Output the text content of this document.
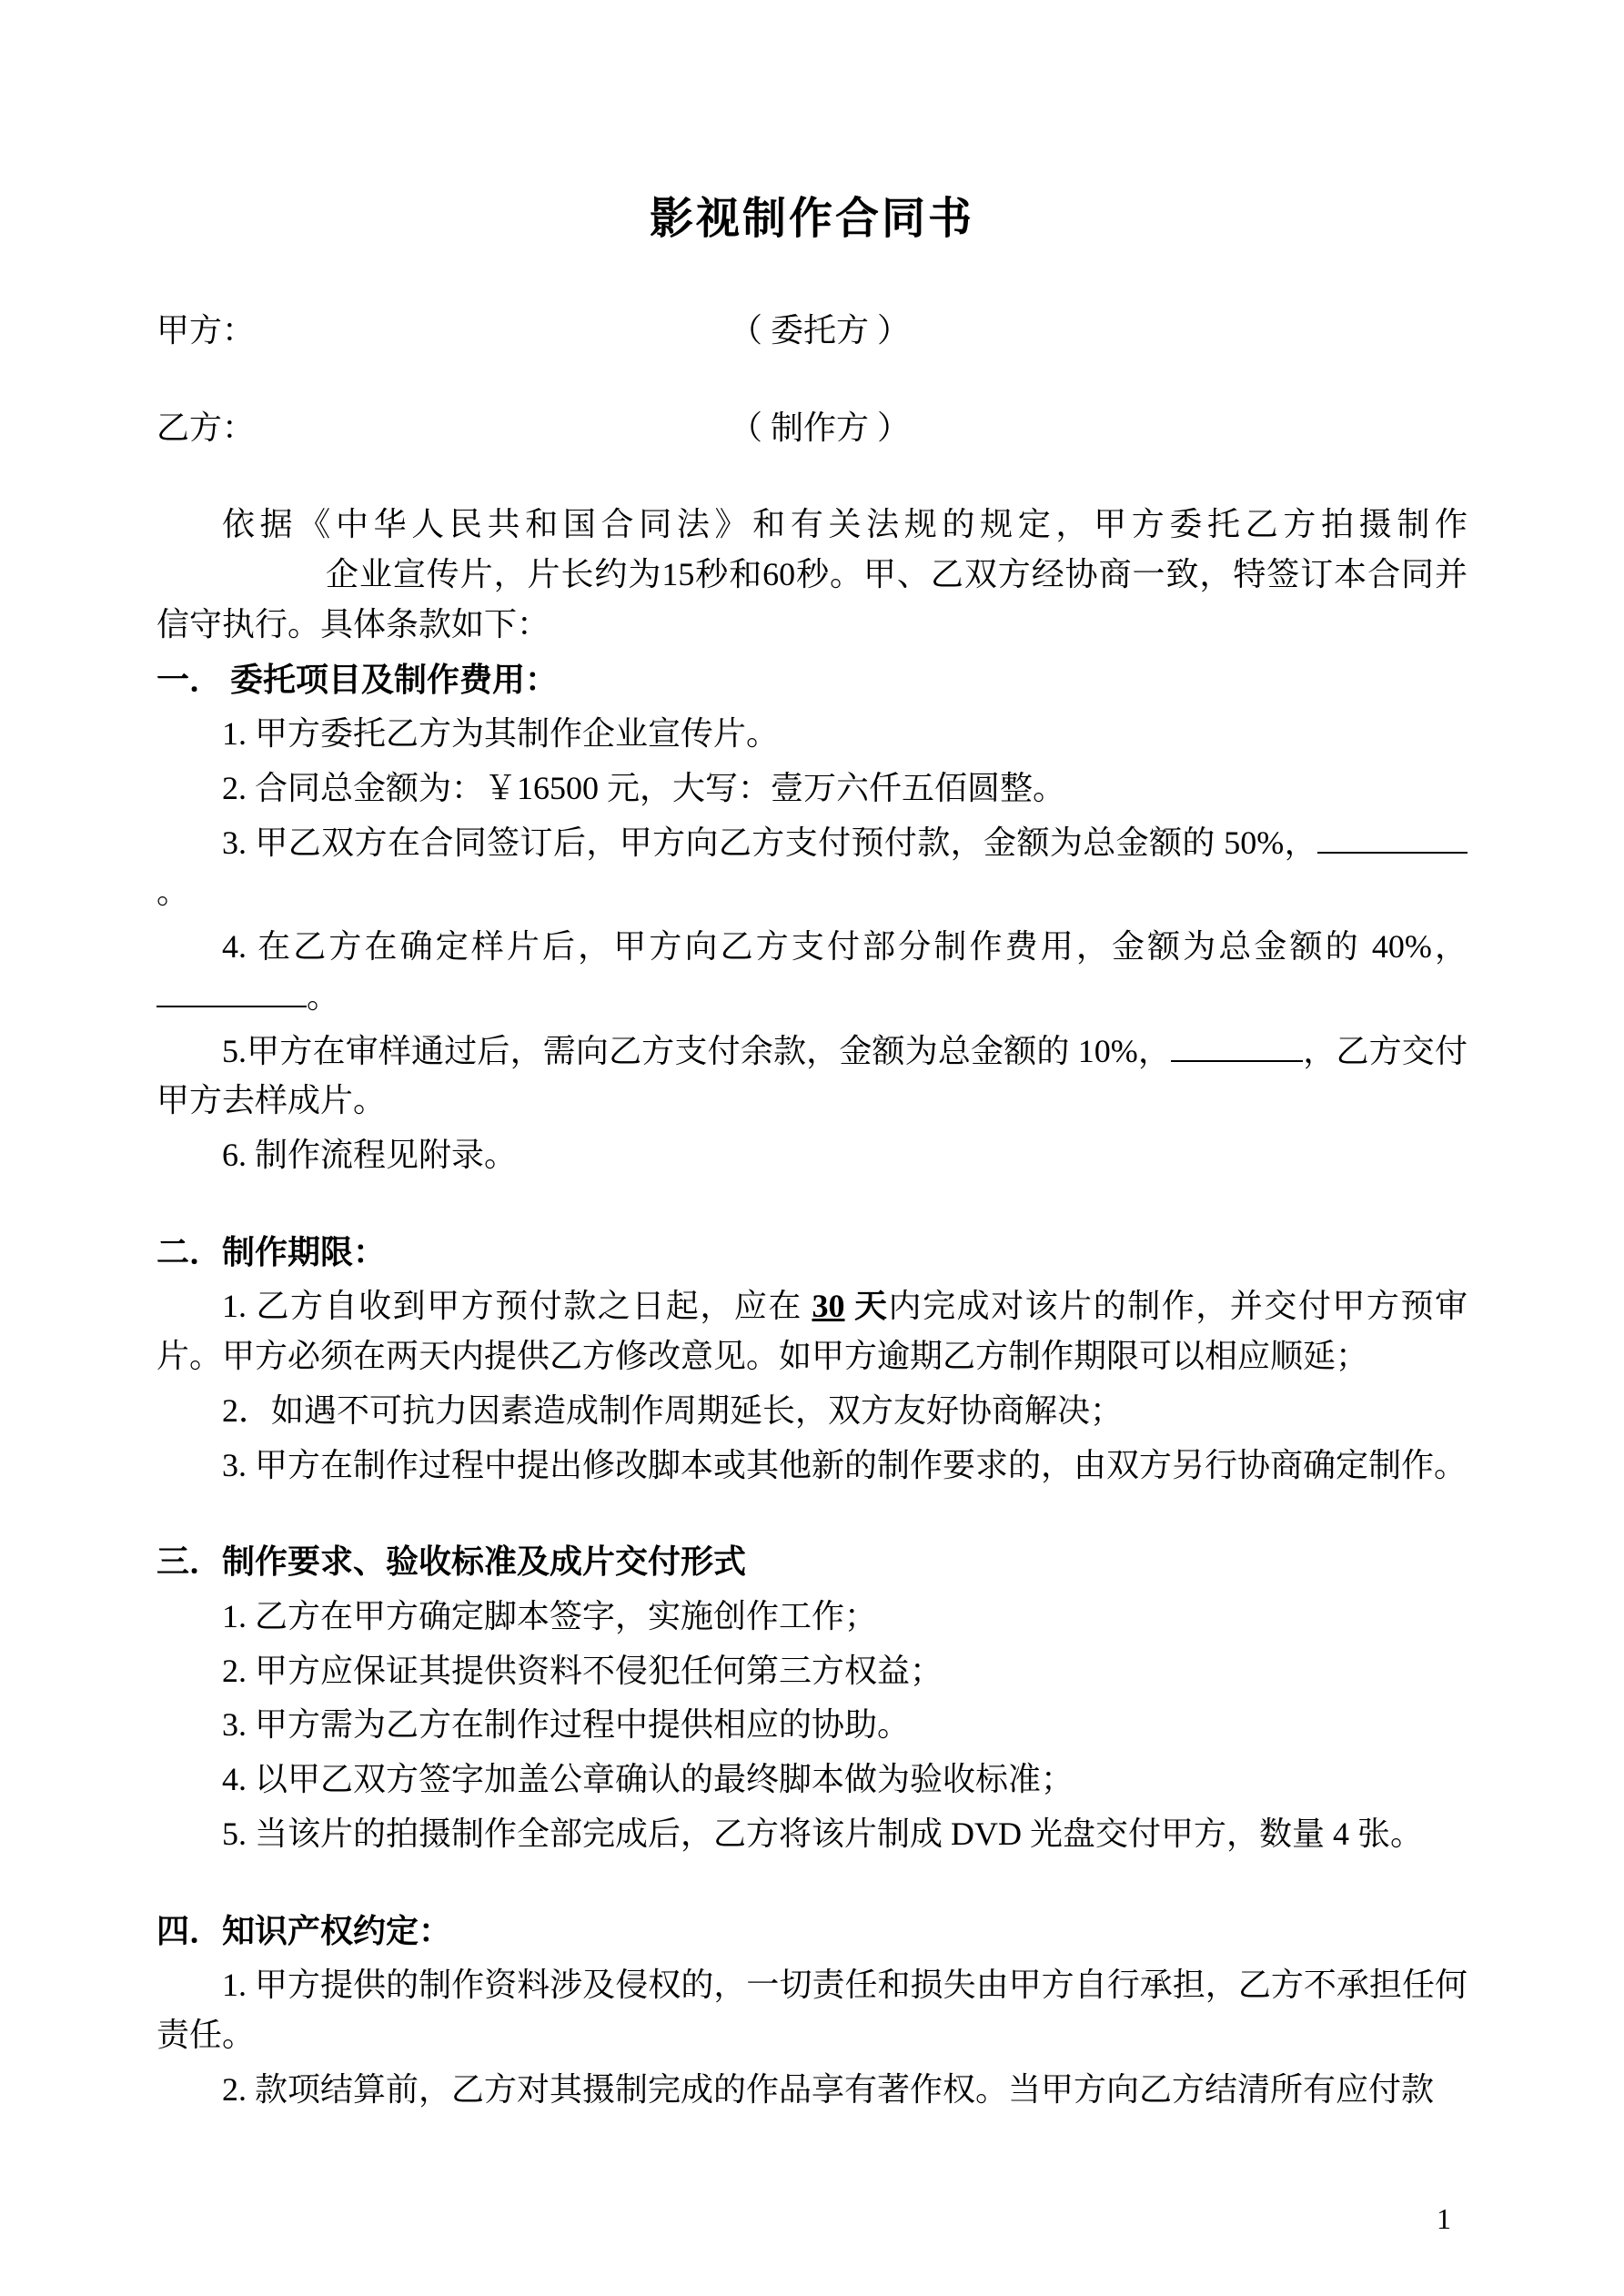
影视制作合同书

甲方：	（ 委托方 ）

乙方：	（ 制作方 ）

依据《中华人民共和国合同法》和有关法规的规定，甲方委托乙方拍摄制作企业宣传片，片长约为15秒和60秒。甲、乙双方经协商一致，特签订本合同并信守执行。具体条款如下：

一． 委托项目及制作费用：

1. 甲方委托乙方为其制作企业宣传片。

2. 合同总金额为：￥16500 元，大写：壹万六仟五佰圆整。

3. 甲乙双方在合同签订后，甲方向乙方支付预付款，金额为总金额的 50%，。

4. 在乙方在确定样片后，甲方向乙方支付部分制作费用，金额为总金额的 40%，。

5.甲方在审样通过后，需向乙方支付余款，金额为总金额的 10%，	，乙方交付甲方去样成片。

6. 制作流程见附录。

二．制作期限：

1. 乙方自收到甲方预付款之日起，应在 30 天内完成对该片的制作，并交付甲方预审片。甲方必须在两天内提供乙方修改意见。如甲方逾期乙方制作期限可以相应顺延；

2．如遇不可抗力因素造成制作周期延长，双方友好协商解决；

3. 甲方在制作过程中提出修改脚本或其他新的制作要求的，由双方另行协商确定制作。

三．制作要求、验收标准及成片交付形式

1. 乙方在甲方确定脚本签字，实施创作工作；

2. 甲方应保证其提供资料不侵犯任何第三方权益；

3. 甲方需为乙方在制作过程中提供相应的协助。

4. 以甲乙双方签字加盖公章确认的最终脚本做为验收标准；

5. 当该片的拍摄制作全部完成后，乙方将该片制成 DVD 光盘交付甲方，数量 4 张。

四．知识产权约定：

1. 甲方提供的制作资料涉及侵权的，一切责任和损失由甲方自行承担，乙方不承担任何责任。

2. 款项结算前，乙方对其摄制完成的作品享有著作权。当甲方向乙方结清所有应付款

1
